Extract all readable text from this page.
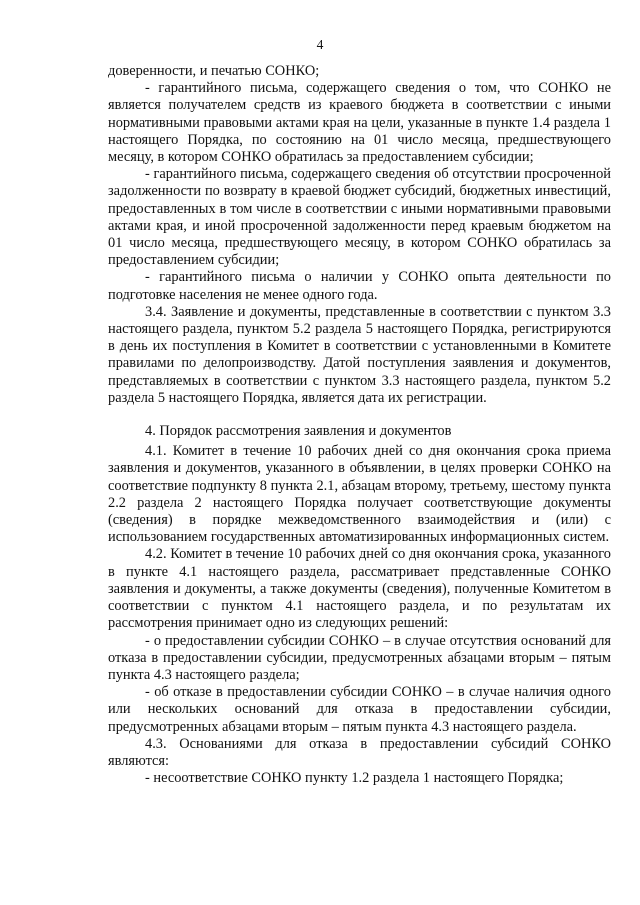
4

доверенности, и печатью СОНКО;

- гарантийного письма, содержащего сведения о том, что СОНКО не является получателем средств из краевого бюджета в соответствии с иными нормативными правовыми актами края на цели, указанные в пункте 1.4 раздела 1 настоящего Порядка, по состоянию на 01 число месяца, предшествующего месяцу, в котором СОНКО обратилась за предоставлением субсидии;

- гарантийного письма, содержащего сведения об отсутствии просроченной задолженности по возврату в краевой бюджет субсидий, бюджетных инвестиций, предоставленных в том числе в соответствии с иными нормативными правовыми актами края, и иной просроченной задолженности перед краевым бюджетом на 01 число месяца, предшествующего месяцу, в котором СОНКО обратилась за предоставлением субсидии;

- гарантийного письма о наличии у СОНКО опыта деятельности по подготовке населения не менее одного года.

3.4. Заявление и документы, представленные в соответствии с пунктом 3.3 настоящего раздела, пунктом 5.2 раздела 5 настоящего Порядка, регистрируются в день их поступления в Комитет в соответствии с установленными в Комитете правилами по делопроизводству. Датой поступления заявления и документов, представляемых в соответствии с пунктом 3.3 настоящего раздела, пунктом 5.2 раздела 5 настоящего Порядка, является дата их регистрации.

4. Порядок рассмотрения заявления и документов

4.1. Комитет в течение 10 рабочих дней со дня окончания срока приема заявления и документов, указанного в объявлении, в целях проверки СОНКО на соответствие подпункту 8 пункта 2.1, абзацам второму, третьему, шестому пункта 2.2 раздела 2 настоящего Порядка получает соответствующие документы (сведения) в порядке межведомственного взаимодействия и (или) с использованием государственных автоматизированных информационных систем.

4.2. Комитет в течение 10 рабочих дней со дня окончания срока, указанного в пункте 4.1 настоящего раздела, рассматривает представленные СОНКО заявления и документы, а также документы (сведения), полученные Комитетом в соответствии с пунктом 4.1 настоящего раздела, и по результатам их рассмотрения принимает одно из следующих решений:

- о предоставлении субсидии СОНКО – в случае отсутствия оснований для отказа в предоставлении субсидии, предусмотренных абзацами вторым – пятым пункта 4.3 настоящего раздела;

- об отказе в предоставлении субсидии СОНКО – в случае наличия одного или нескольких оснований для отказа в предоставлении субсидии, предусмотренных абзацами вторым – пятым пункта 4.3 настоящего раздела.

4.3. Основаниями для отказа в предоставлении субсидий СОНКО являются:

- несоответствие СОНКО пункту 1.2 раздела 1 настоящего Порядка;
